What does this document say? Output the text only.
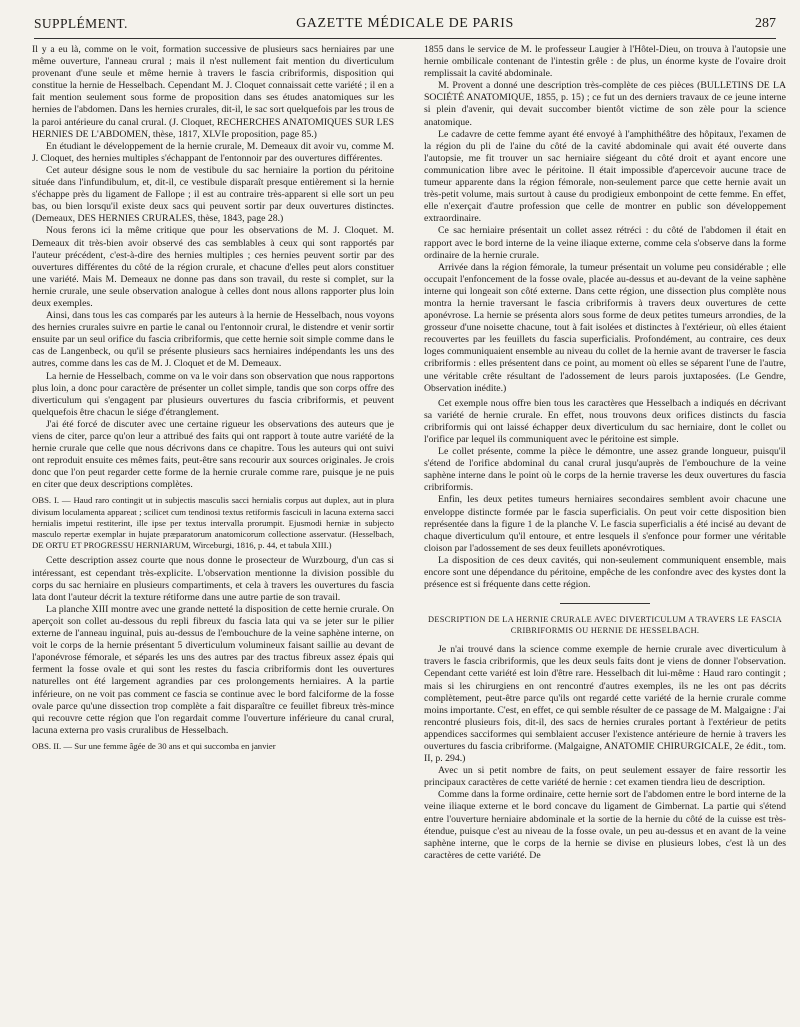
SUPPLÉMENT.	GAZETTE MÉDICALE DE PARIS	287

Il y a eu là, comme on le voit, formation successive de plusieurs sacs herniaires par une même ouverture, l'anneau crural ; mais il n'est nullement fait mention du diverticulum provenant d'une seule et même hernie à travers le fascia cribriformis, disposition qui constitue la hernie de Hesselbach. Cependant M. J. Cloquet connaissait cette variété ; il en a fait mention seulement sous forme de proposition dans ses études anatomiques sur les hernies de l'abdomen. Dans les hernies crurales, dit-il, le sac sort quelquefois par les trous de la paroi antérieure du canal crural. (J. Cloquet, RECHERCHES ANATOMIQUES SUR LES HERNIES DE L'ABDOMEN, thèse, 1817, XLVIe proposition, page 85.)

En étudiant le développement de la hernie crurale, M. Demeaux dit avoir vu, comme M. J. Cloquet, des hernies multiples s'échappant de l'entonnoir par des ouvertures différentes.

Cet auteur désigne sous le nom de vestibule du sac herniaire la portion du péritoine située dans l'infundibulum, et, dit-il, ce vestibule disparaît presque entièrement si la hernie s'échappe près du ligament de Fallope ; il est au contraire très-apparent si elle sort un peu bas, ou bien lorsqu'il existe deux sacs qui peuvent sortir par deux ouvertures distinctes. (Demeaux, DES HERNIES CRURALES, thèse, 1843, page 28.)

Nous ferons ici la même critique que pour les observations de M. J. Cloquet. M. Demeaux dit très-bien avoir observé des cas semblables à ceux qui sont rapportés par l'auteur précédent, c'est-à-dire des hernies multiples ; ces hernies peuvent sortir par des ouvertures différentes du côté de la région crurale, et chacune d'elles peut alors constituer une variété. Mais M. Demeaux ne donne pas dans son travail, du reste si complet, sur la hernie crurale, une seule observation analogue à celles dont nous allons rapporter plus loin deux exemples.

Ainsi, dans tous les cas comparés par les auteurs à la hernie de Hesselbach, nous voyons des hernies crurales suivre en partie le canal ou l'entonnoir crural, le distendre et venir sortir ensuite par un seul orifice du fascia cribriformis, que cette hernie soit simple comme dans le cas de Langenbeck, ou qu'il se présente plusieurs sacs herniaires indépendants les uns des autres, comme dans les cas de M. J. Cloquet et de M. Demeaux.

La hernie de Hesselbach, comme on va le voir dans son observation que nous rapportons plus loin, a donc pour caractère de présenter un collet simple, tandis que son corps offre des diverticulum qui s'engagent par plusieurs ouvertures du fascia cribriformis, et peuvent quelquefois être chacun le siége d'étranglement.

J'ai été forcé de discuter avec une certaine rigueur les observations des auteurs que je viens de citer, parce qu'on leur a attribué des faits qui ont rapport à toute autre variété de la hernie crurale que celle que nous décrivons dans ce chapitre. Tous les auteurs qui ont suivi ont reproduit ensuite ces mêmes faits, peut-être sans recourir aux sources originales. Je crois donc que l'on peut regarder cette forme de la hernie crurale comme rare, puisque je ne puis en citer que deux descriptions complètes.

OBS. I. — Haud raro contingit ut in subjectis masculis sacci hernialis corpus aut duplex, aut in plura divisum loculamenta appareat ; scilicet cum tendinosi textus retiformis fasciculi in lacuna externa sacci hernialis impetui restiterint, ille ipse per textus intervalla prorumpit. Ejusmodi herniæ in subjecto masculo repertæ exemplar in hujate præparatorum anatomicorum collectione asservatur. (Hesselbach, DE ORTU ET PROGRESSU HERNIARUM, Wirceburgi, 1816, p. 44, et tabula XIII.)

Cette description assez courte que nous donne le prosecteur de Wurzbourg, d'un cas si intéressant, est cependant très-explicite. L'observation mentionne la division possible du corps du sac herniaire en plusieurs compartiments, et cela à travers les ouvertures du fascia lata dont l'auteur décrit la texture rétiforme dans une autre partie de son travail.

La planche XIII montre avec une grande netteté la disposition de cette hernie crurale. On aperçoit son collet au-dessous du repli fibreux du fascia lata qui va se jeter sur le pilier externe de l'anneau inguinal, puis au-dessus de l'embouchure de la veine saphène interne, on voit le corps de la hernie présentant 5 diverticulum volumineux faisant saillie au devant de l'aponévrose fémorale, et séparés les uns des autres par des tractus fibreux assez épais qui ferment la fosse ovale et qui sont les restes du fascia cribriformis dont les ouvertures naturelles ont été largement agrandies par ces prolongements herniaires. A la partie inférieure, on ne voit pas comment ce fascia se continue avec le bord falciforme de la fosse ovale parce qu'une dissection trop complète a fait disparaître ce feuillet fibreux très-mince qui recouvre cette région que l'on regardait comme l'ouverture inférieure du canal crural, lacuna externa pro vasis cruralibus de Hesselbach.

OBS. II. — Sur une femme âgée de 30 ans et qui succomba en janvier

1855 dans le service de M. le professeur Laugier à l'Hôtel-Dieu, on trouva à l'autopsie une hernie ombilicale contenant de l'intestin grêle : de plus, un énorme kyste de l'ovaire droit remplissait la cavité abdominale.

M. Provent a donné une description très-complète de ces pièces (BULLETINS DE LA SOCIÉTÉ ANATOMIQUE, 1855, p. 15) ; ce fut un des derniers travaux de ce jeune interne si plein d'avenir, qui devait succomber bientôt victime de son zèle pour la science anatomique.

Le cadavre de cette femme ayant été envoyé à l'amphithéâtre des hôpitaux, l'examen de la région du pli de l'aine du côté de la cavité abdominale qui avait été ouverte dans l'autopsie, me fit trouver un sac herniaire siégeant du côté droit et ayant encore une communication libre avec le péritoine. Il était impossible d'apercevoir aucune trace de tumeur apparente dans la région fémorale, non-seulement parce que cette hernie avait un très-petit volume, mais surtout à cause du prodigieux embonpoint de cette femme. En effet, elle n'exerçait d'autre profession que celle de montrer en public son développement extraordinaire.

Ce sac herniaire présentait un collet assez rétréci : du côté de l'abdomen il était en rapport avec le bord interne de la veine iliaque externe, comme cela s'observe dans la forme ordinaire de la hernie crurale.

Arrivée dans la région fémorale, la tumeur présentait un volume peu considérable ; elle occupait l'enfoncement de la fosse ovale, placée au-dessus et au-devant de la veine saphène interne qui longeait son côté externe. Dans cette région, une dissection plus complète nous montra la hernie traversant le fascia cribriformis à travers deux ouvertures de cette aponévrose. La hernie se présenta alors sous forme de deux petites tumeurs arrondies, de la grosseur d'une noisette chacune, tout à fait isolées et distinctes à l'extérieur, où elles étaient recouvertes par les feuillets du fascia superficialis. Profondément, au contraire, ces deux loges communiquaient ensemble au niveau du collet de la hernie avant de traverser le fascia cribriformis : elles présentent dans ce point, au moment où elles se séparent l'une de l'autre, une véritable crête résultant de l'adossement de leurs parois juxtaposées. (Le Gendre, Observation inédite.)

Cet exemple nous offre bien tous les caractères que Hesselbach a indiqués en décrivant sa variété de hernie crurale. En effet, nous trouvons deux orifices distincts du fascia cribriformis qui ont laissé échapper deux diverticulum du sac herniaire, dont le collet ou l'orifice par lequel ils communiquent avec le péritoine est simple.

Le collet présente, comme la pièce le démontre, une assez grande longueur, puisqu'il s'étend de l'orifice abdominal du canal crural jusqu'auprès de l'embouchure de la veine saphène interne dans le point où le corps de la hernie traverse les deux ouvertures du fascia cribriformis.

Enfin, les deux petites tumeurs herniaires secondaires semblent avoir chacune une enveloppe distincte formée par le fascia superficialis. On peut voir cette disposition bien représentée dans la figure 1 de la planche V. Le fascia superficialis a été incisé au devant de chaque diverticulum qu'il entoure, et entre lesquels il s'enfonce pour former une véritable cloison par l'adossement de ses deux feuillets aponévrotiques.

La disposition de ces deux cavités, qui non-seulement communiquent ensemble, mais encore sont une dépendance du péritoine, empêche de les confondre avec des kystes dont la présence est si fréquente dans cette région.

DESCRIPTION DE LA HERNIE CRURALE AVEC DIVERTICULUM A TRAVERS LE FASCIA CRIBRIFORMIS OU HERNIE DE HESSELBACH.

Je n'ai trouvé dans la science comme exemple de hernie crurale avec diverticulum à travers le fascia cribriformis, que les deux seuls faits dont je viens de donner l'observation. Cependant cette variété est loin d'être rare. Hesselbach dit lui-même : Haud raro contingit ; mais si les chirurgiens en ont rencontré d'autres exemples, ils ne les ont pas décrits complètement, peut-être parce qu'ils ont regardé cette variété de la hernie crurale comme moins importante. C'est, en effet, ce qui semble résulter de ce passage de M. Malgaigne : J'ai rencontré plusieurs fois, dit-il, des sacs de hernies crurales portant à l'extérieur de petits appendices sacciformes qui semblaient accuser l'existence antérieure de hernie à travers les ouvertures du fascia cribriforme. (Malgaigne, ANATOMIE CHIRURGICALE, 2e édit., tom. II, p. 294.)

Avec un si petit nombre de faits, on peut seulement essayer de faire ressortir les principaux caractères de cette variété de hernie : cet examen tiendra lieu de description.

Comme dans la forme ordinaire, cette hernie sort de l'abdomen entre le bord interne de la veine iliaque externe et le bord concave du ligament de Gimbernat. La partie qui s'étend entre l'ouverture herniaire abdominale et la sortie de la hernie du côté de la cuisse est très-étendue, puisque c'est au niveau de la fosse ovale, un peu au-dessus et en avant de la veine saphène interne, que le corps de la hernie se divise en plusieurs lobes, c'est là un des caractères de cette variété. De
